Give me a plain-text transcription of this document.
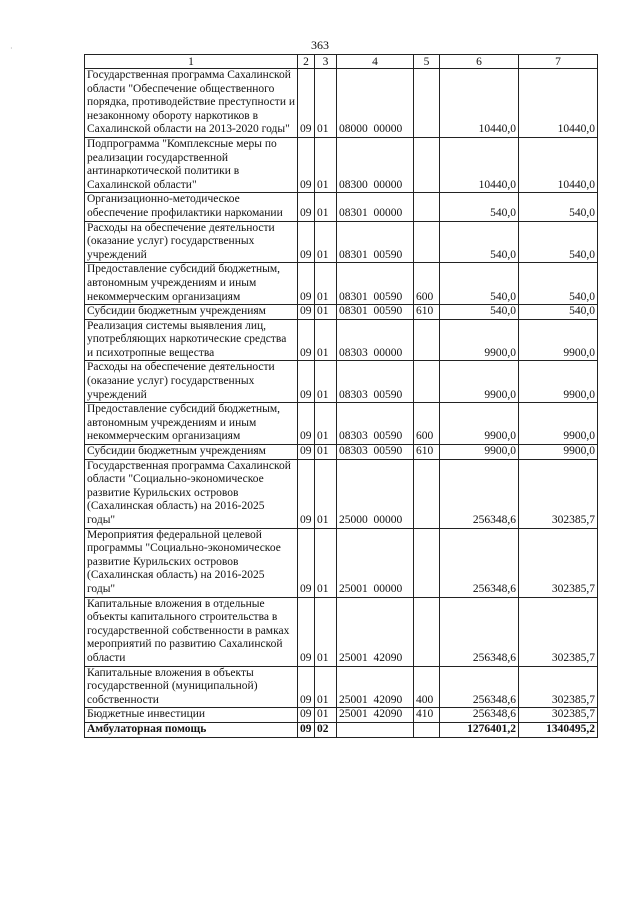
363
·
1	2	3	4	5	6	7
Государственная программа Сахалинской области "Обеспечение общественного порядка, противодействие преступности и незаконному обороту наркотиков в Сахалинской области на 2013-2020 годы"	09	01	08000  00000		10440,0	10440,0
Подпрограмма "Комплексные меры по реализации государственной антинаркотической политики в Сахалинской области"	09	01	08300  00000		10440,0	10440,0
Организационно-методическое обеспечение профилактики наркомании	09	01	08301  00000		540,0	540,0
Расходы на обеспечение деятельности (оказание услуг) государственных учреждений	09	01	08301  00590		540,0	540,0
Предоставление субсидий бюджетным, автономным учреждениям и иным некоммерческим организациям	09	01	08301  00590	600	540,0	540,0
Субсидии бюджетным учреждениям	09	01	08301  00590	610	540,0	540,0
Реализация системы выявления лиц, употребляющих наркотические средства и психотропные вещества	09	01	08303  00000		9900,0	9900,0
Расходы на обеспечение деятельности (оказание услуг) государственных учреждений	09	01	08303  00590		9900,0	9900,0
Предоставление субсидий бюджетным, автономным учреждениям и иным некоммерческим организациям	09	01	08303  00590	600	9900,0	9900,0
Субсидии бюджетным учреждениям	09	01	08303  00590	610	9900,0	9900,0
Государственная программа Сахалинской области "Социально-экономическое развитие Курильских островов (Сахалинская область) на 2016-2025 годы"	09	01	25000  00000		256348,6	302385,7
Мероприятия федеральной целевой программы "Социально-экономическое развитие Курильских островов (Сахалинская область) на 2016-2025 годы"	09	01	25001  00000		256348,6	302385,7
Капитальные вложения в отдельные объекты капитального строительства в государственной собственности в рамках мероприятий по развитию Сахалинской области	09	01	25001  42090		256348,6	302385,7
Капитальные вложения в объекты государственной (муниципальной) собственности	09	01	25001  42090	400	256348,6	302385,7
Бюджетные инвестиции	09	01	25001  42090	410	256348,6	302385,7
Амбулаторная помощь	09	02			1276401,2	1340495,2
